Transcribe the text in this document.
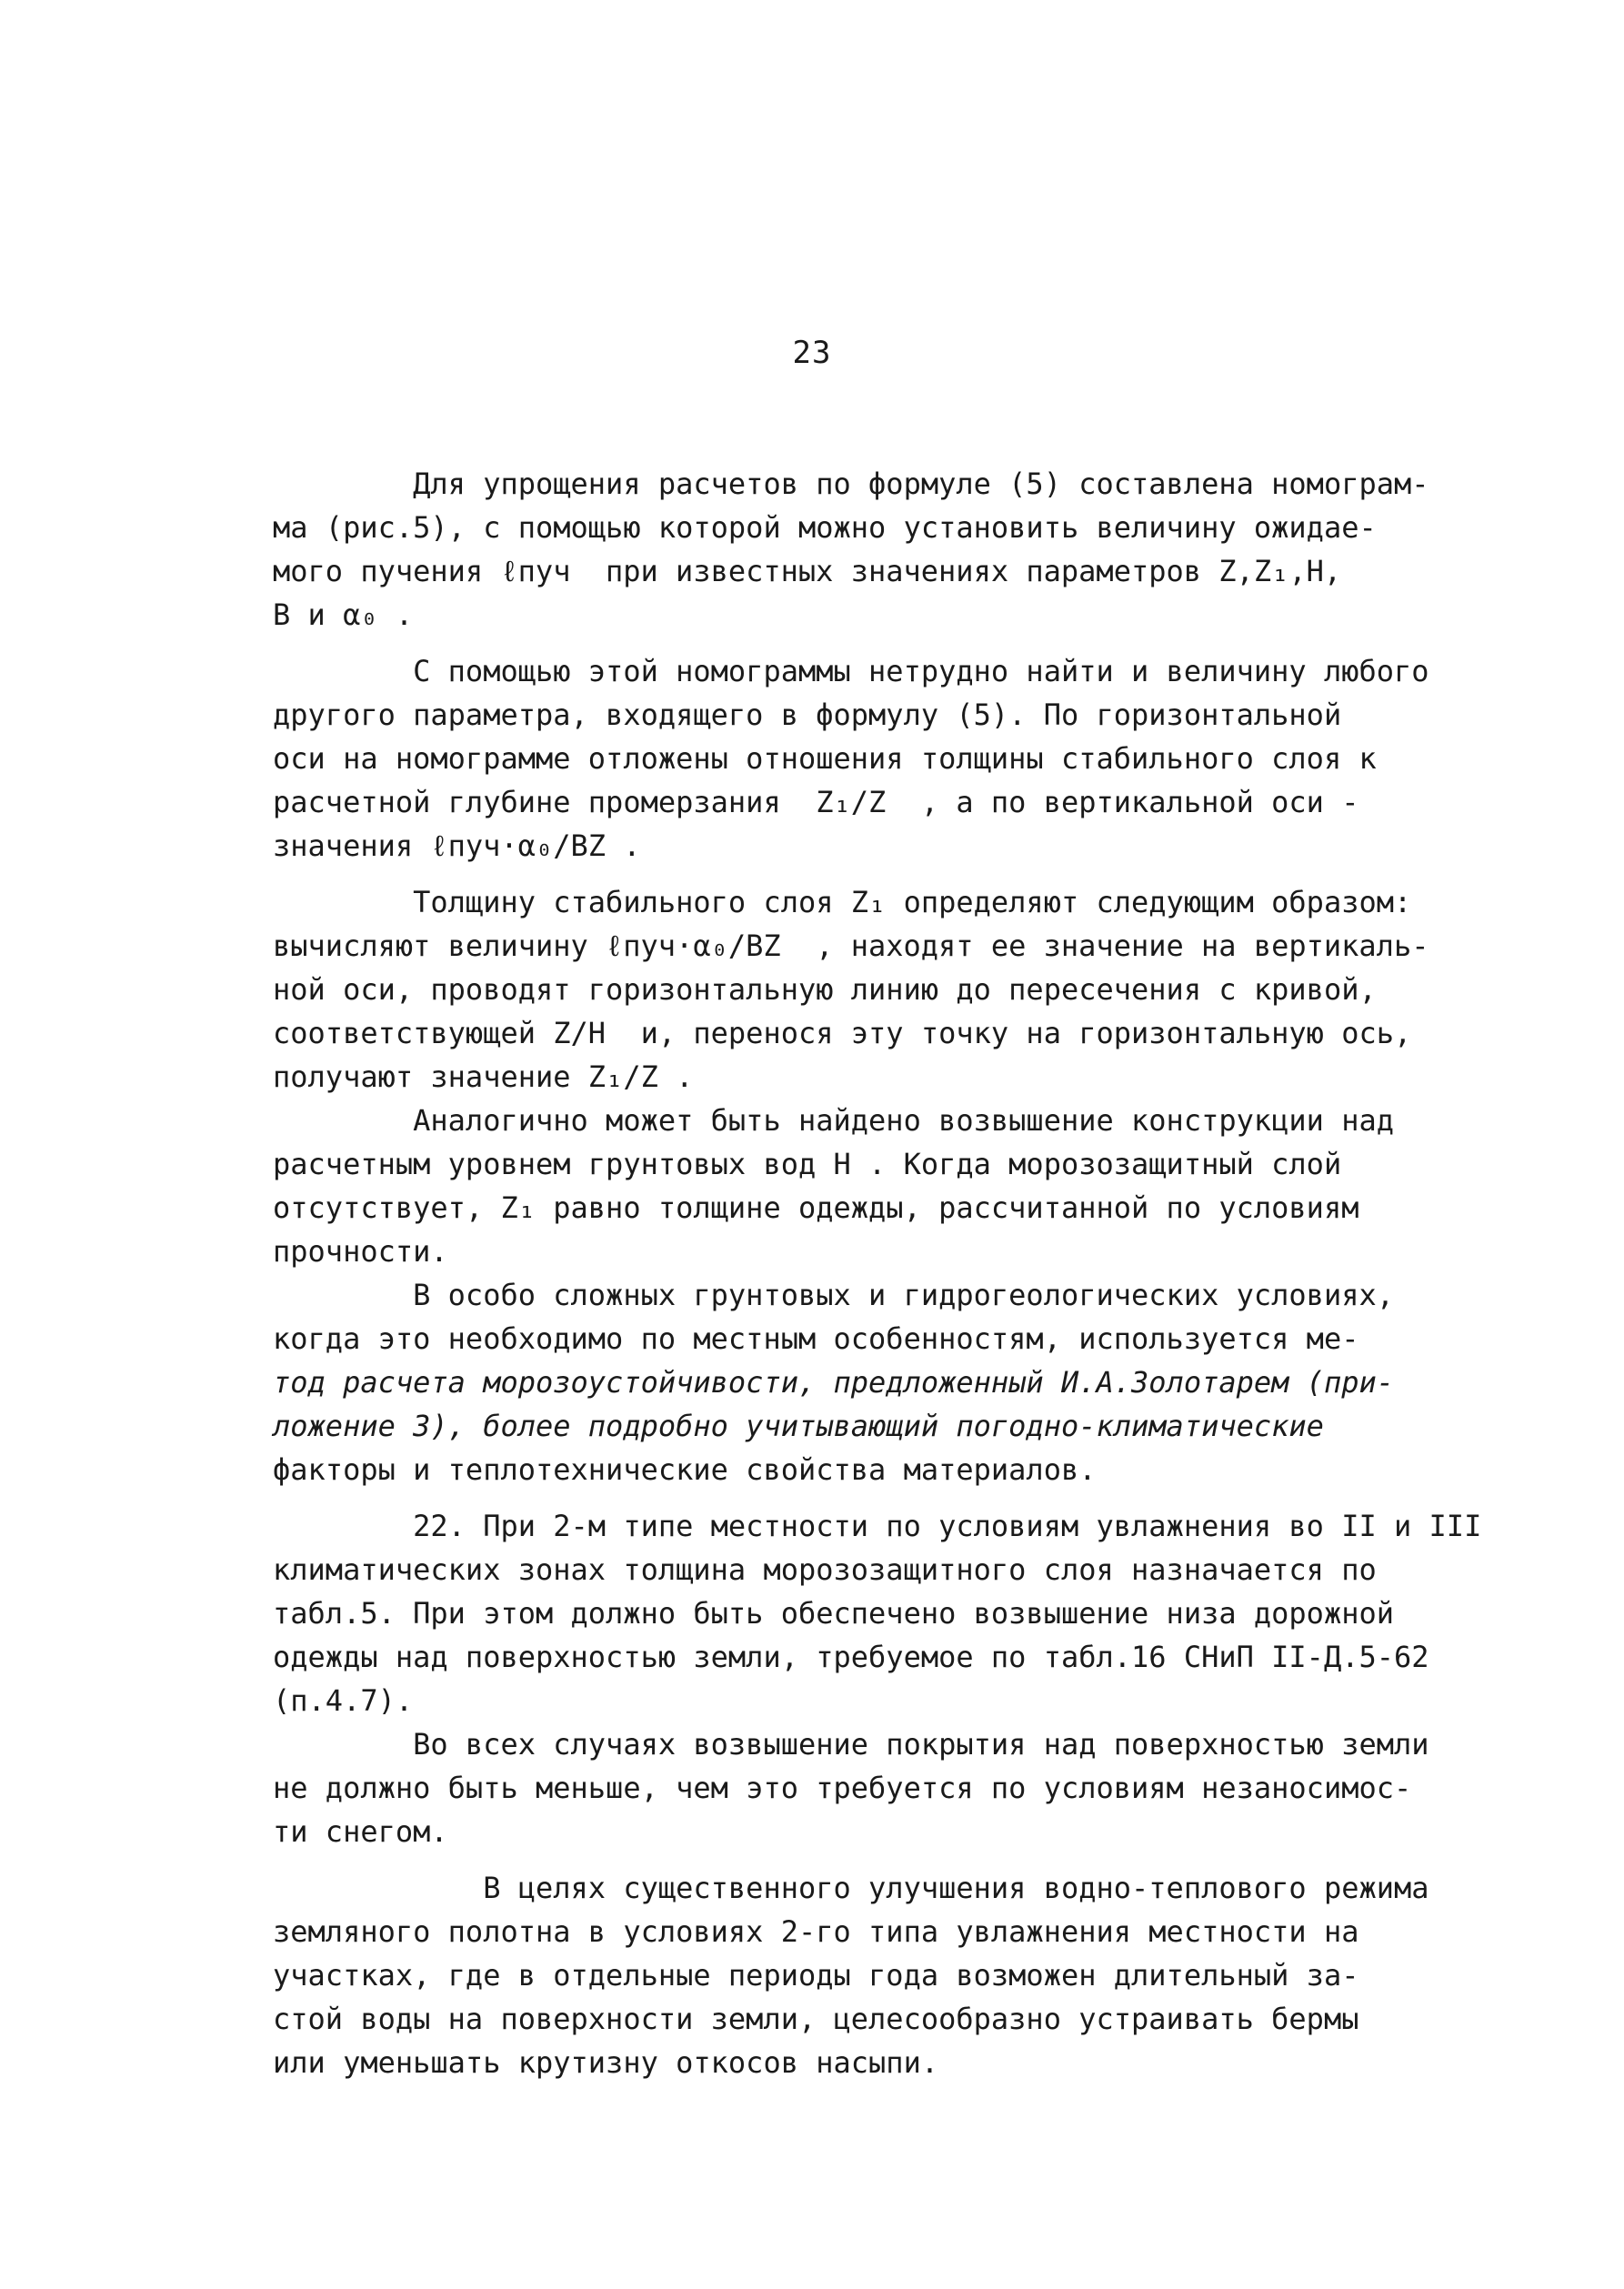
23
Для упрощения расчетов по формуле (5) составлена номограм-
ма (рис.5), с помощью которой можно установить величину ожидае-
мого пучения ℓпуч  при известных значениях параметров Z,Z₁,H,
B и α₀ .
С помощью этой номограммы нетрудно найти и величину любого
другого параметра, входящего в формулу (5). По горизонтальной
оси на номограмме отложены отношения толщины стабильного слоя к
расчетной глубине промерзания  Z₁/Z  , а по вертикальной оси -
значения ℓпуч·α₀/BZ .
Толщину стабильного слоя Z₁ определяют следующим образом:
вычисляют величину ℓпуч·α₀/BZ  , находят ее значение на вертикаль-
ной оси, проводят горизонтальную линию до пересечения с кривой,
соответствующей Z/H  и, перенося эту точку на горизонтальную ось,
получают значение Z₁/Z .
Аналогично может быть найдено возвышение конструкции над
расчетным уровнем грунтовых вод H . Когда морозозащитный слой
отсутствует, Z₁ равно толщине одежды, рассчитанной по условиям
прочности.
В особо сложных грунтовых и гидрогеологических условиях,
когда это необходимо по местным особенностям, используется ме-
тод расчета морозоустойчивости, предложенный И.А.Золотарем (при-
ложение 3), более подробно учитывающий погодно-климатические
факторы и теплотехнические свойства материалов.
22. При 2-м типе местности по условиям увлажнения во II и III
климатических зонах толщина морозозащитного слоя назначается по
табл.5. При этом должно быть обеспечено возвышение низа дорожной
одежды над поверхностью земли, требуемое по табл.16 СНиП II-Д.5-62
(п.4.7).
Во всех случаях возвышение покрытия над поверхностью земли
не должно быть меньше, чем это требуется по условиям незаносимос-
ти снегом.
В целях существенного улучшения водно-теплового режима
земляного полотна в условиях 2-го типа увлажнения местности на
участках, где в отдельные периоды года возможен длительный за-
стой воды на поверхности земли, целесообразно устраивать бермы
или уменьшать крутизну откосов насыпи.
